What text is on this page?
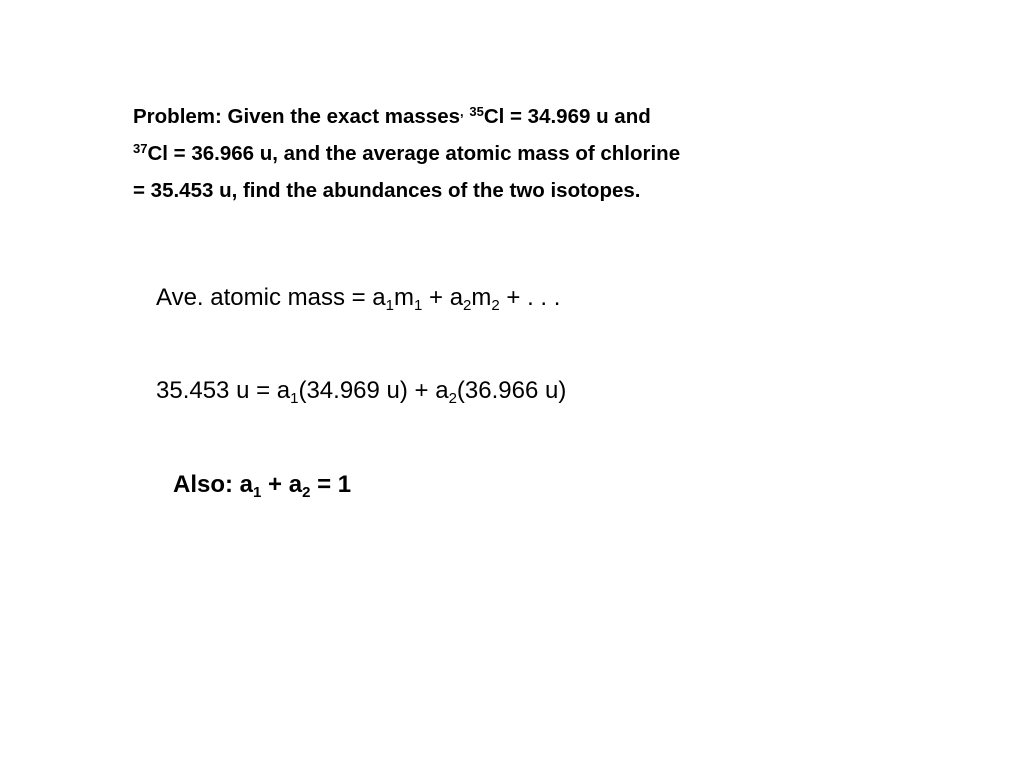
Problem: Given the exact masses, $^{35}$Cl = 34.969 u and
$^{37}$Cl = 36.966 u, and the average atomic mass of chlorine
= 35.453 u, find the abundances of the two isotopes.
Ave. atomic mass = $a_1m_1 + a_2m_2$ + . . .
35.453 $u = a_1(34.969$ $u) + a_2(36.966$ u)
Also: $a_1 + a_2 = 1$
